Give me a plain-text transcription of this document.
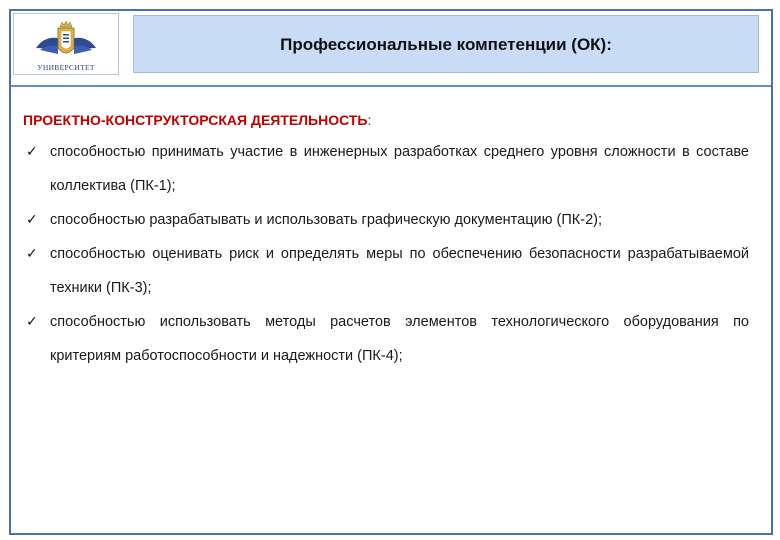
УНИВЕРСИТЕТ
Профессиональные компетенции (ОК):
ПРОЕКТНО-КОНСТРУКТОРСКАЯ ДЕЯТЕЛЬНОСТЬ:
✓ способностью принимать участие в инженерных разработках среднего уровня сложности в составе коллектива (ПК-1);
✓ способностью разрабатывать и использовать графическую документацию (ПК-2);
✓ способностью оценивать риск и определять меры по обеспечению безопасности разрабатываемой техники (ПК-3);
✓ способностью использовать методы расчетов элементов технологического оборудования по критериям работоспособности и надежности (ПК-4);
